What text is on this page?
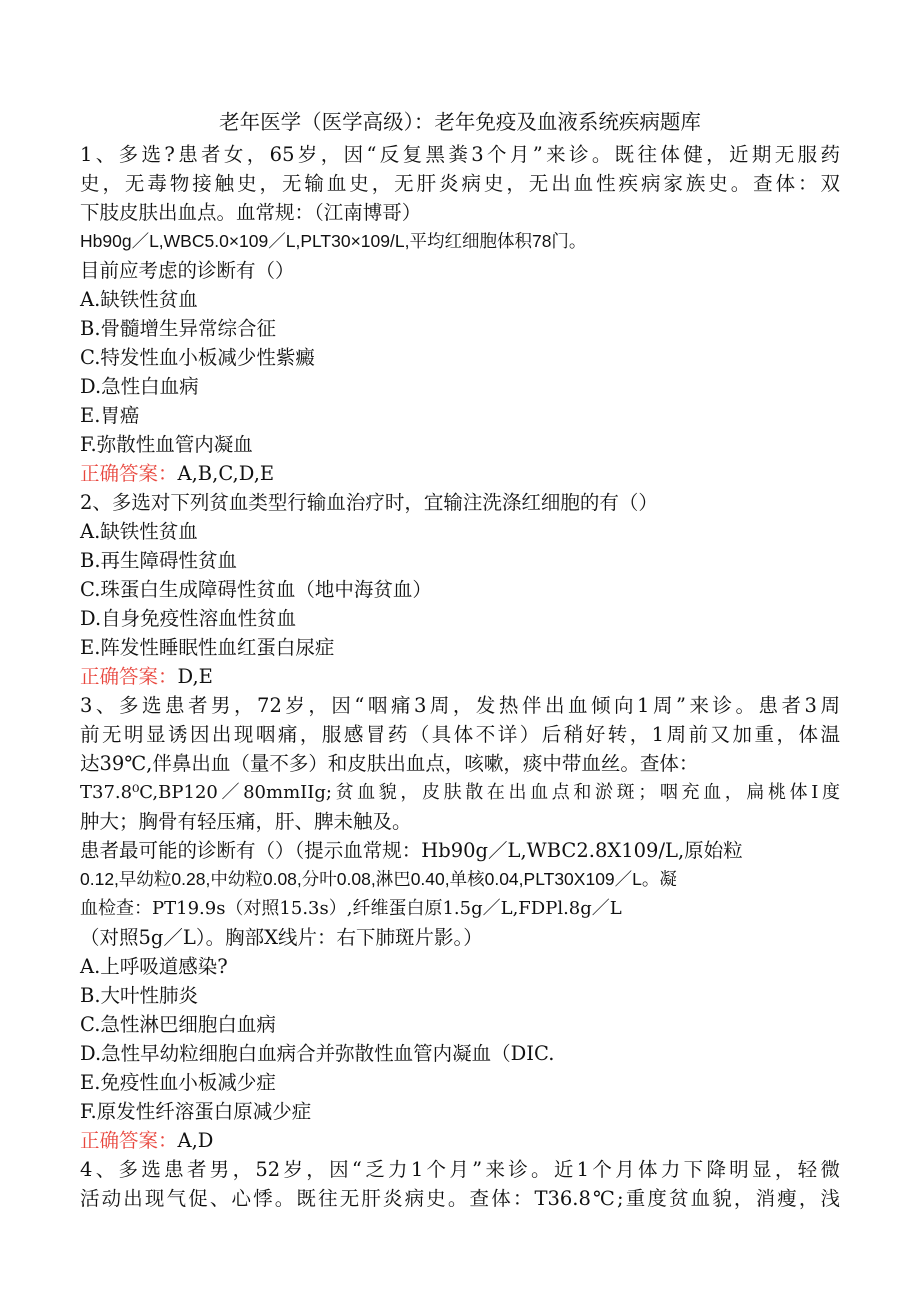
老年医学（医学高级）：老年免疫及血液系统疾病题库
1、多选?患者女，65岁，因“反复黑粪3个月”来诊。既往体健，近期无服药
史，无毒物接触史，无输血史，无肝炎病史，无出血性疾病家族史。查体：双
下肢皮肤出血点。血常规：（江南博哥）
Hb90g／L,WBC5.0×109／L,PLT30×109/L,平均红细胞体积78门。
目前应考虑的诊断有（）
A.缺铁性贫血
B.骨髓增生异常综合征
C.特发性血小板减少性紫癜
D.急性白血病
E.胃癌
F.弥散性血管内凝血
正确答案：A,B,C,D,E
2、多选对下列贫血类型行输血治疗时，宜输注洗涤红细胞的有（）
A.缺铁性贫血
B.再生障碍性贫血
C.珠蛋白生成障碍性贫血（地中海贫血）
D.自身免疫性溶血性贫血
E.阵发性睡眠性血红蛋白尿症
正确答案：D,E
3、多选患者男，72岁，因“咽痛3周，发热伴出血倾向1周”来诊。患者3周
前无明显诱因出现咽痛，服感冒药（具体不详）后稍好转，1周前又加重，体温
达39℃,伴鼻出血（量不多）和皮肤出血点，咳嗽，痰中带血丝。查体：
T37.8⁰C,BP120／80mmIIg;贫血貌，皮肤散在出血点和淤斑；咽充血，扁桃体I度
肿大；胸骨有轻压痛，肝、脾未触及。
患者最可能的诊断有（）（提示血常规：Hb90g／L,WBC2.8X109/L,原始粒
0.12,早幼粒0.28,中幼粒0.08,分叶0.08,淋巴0.40,单核0.04,PLT30X109／L。凝
血检查：PT19.9s（对照15.3s）,纤维蛋白原1.5g／L,FDPl.8g／L
（对照5g／L）。胸部X线片：右下肺斑片影。）
A.上呼吸道感染?
B.大叶性肺炎
C.急性淋巴细胞白血病
D.急性早幼粒细胞白血病合并弥散性血管内凝血（DIC.
E.免疫性血小板减少症
F.原发性纤溶蛋白原减少症
正确答案：A,D
4、多选患者男，52岁，因“乏力1个月”来诊。近1个月体力下降明显，轻微
活动出现气促、心悸。既往无肝炎病史。查体：T36.8℃;重度贫血貌，消瘦，浅
